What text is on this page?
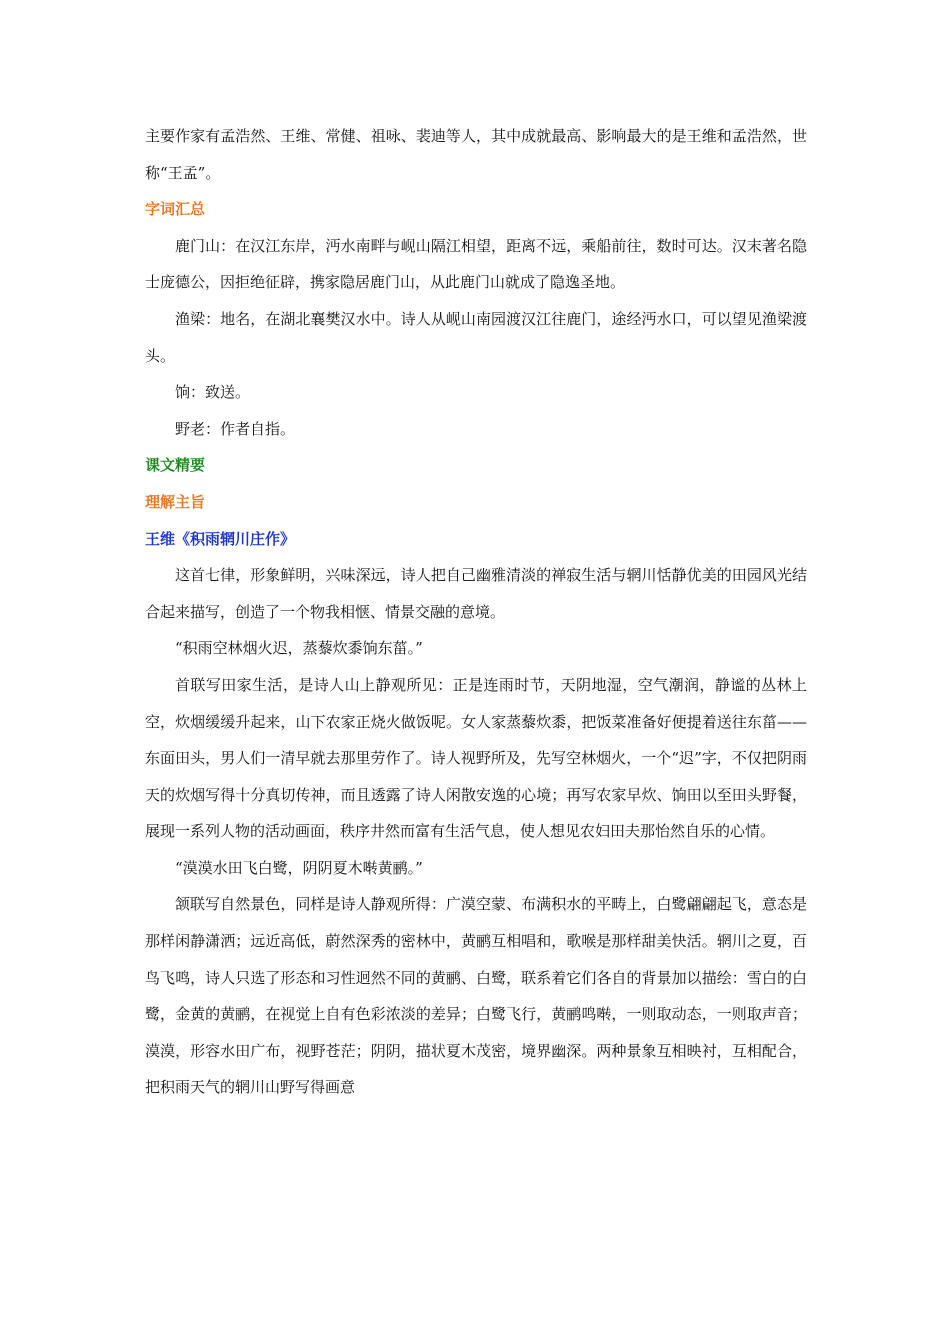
主要作家有孟浩然、王维、常健、祖咏、裴迪等人，其中成就最高、影响最大的是王维和孟浩然，世称“王孟”。

字词汇总

鹿门山：在汉江东岸，沔水南畔与岘山隔江相望，距离不远，乘船前往，数时可达。汉末著名隐士庞德公，因拒绝征辟，携家隐居鹿门山，从此鹿门山就成了隐逸圣地。

渔梁：地名，在湖北襄樊汉水中。诗人从岘山南园渡汉江往鹿门，途经沔水口，可以望见渔梁渡头。

饷：致送。

野老：作者自指。

课文精要

理解主旨

王维《积雨辋川庄作》

这首七律，形象鲜明，兴味深远，诗人把自己幽雅清淡的禅寂生活与辋川恬静优美的田园风光结合起来描写，创造了一个物我相惬、情景交融的意境。

“积雨空林烟火迟，蒸藜炊黍饷东菑。”

首联写田家生活，是诗人山上静观所见：正是连雨时节，天阴地湿，空气潮润，静谧的丛林上空，炊烟缓缓升起来，山下农家正烧火做饭呢。女人家蒸藜炊黍，把饭菜准备好便提着送往东菑——东面田头，男人们一清早就去那里劳作了。诗人视野所及，先写空林烟火，一个“迟”字，不仅把阴雨天的炊烟写得十分真切传神，而且透露了诗人闲散安逸的心境；再写农家早炊、饷田以至田头野餐，展现一系列人物的活动画面，秩序井然而富有生活气息，使人想见农妇田夫那怡然自乐的心情。

“漠漠水田飞白鹭，阴阴夏木啭黄鹂。”

颔联写自然景色，同样是诗人静观所得：广漠空蒙、布满积水的平畴上，白鹭翩翩起飞，意态是那样闲静潇洒；远近高低，蔚然深秀的密林中，黄鹂互相唱和，歌喉是那样甜美快活。辋川之夏，百鸟飞鸣，诗人只选了形态和习性迥然不同的黄鹂、白鹭，联系着它们各自的背景加以描绘：雪白的白鹭，金黄的黄鹂，在视觉上自有色彩浓淡的差异；白鹭飞行，黄鹂鸣啭，一则取动态，一则取声音；漠漠，形容水田广布，视野苍茫；阴阴，描状夏木茂密，境界幽深。两种景象互相映衬，互相配合，把积雨天气的辋川山野写得画意
